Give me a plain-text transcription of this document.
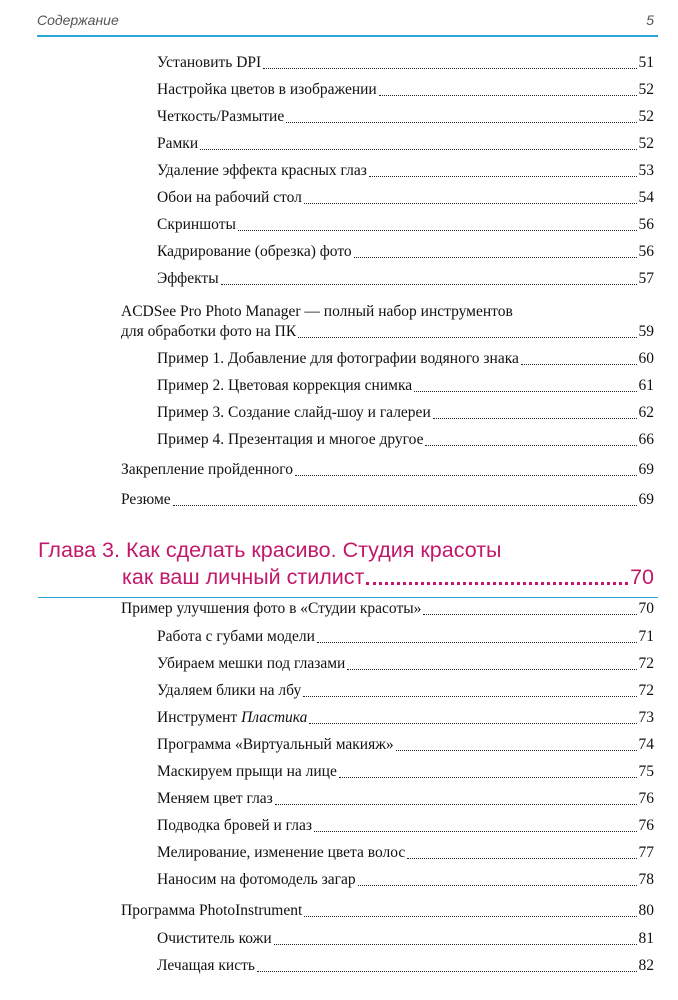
Содержание	5
Установить DPI	51
Настройка цветов в изображении	52
Четкость/Размытие	52
Рамки	52
Удаление эффекта красных глаз	53
Обои на рабочий стол	54
Скриншоты	56
Кадрирование (обрезка) фото	56
Эффекты	57
ACDSee Pro Photo Manager — полный набор инструментов
для обработки фото на ПК	59
Пример 1. Добавление для фотографии водяного знака	60
Пример 2. Цветовая коррекция снимка	61
Пример 3. Создание слайд-шоу и галереи	62
Пример 4. Презентация и многое другое	66
Закрепление пройденного	69
Резюме	69
Глава 3. Как сделать красиво. Студия красоты
как ваш личный стилист	70
Пример улучшения фото в «Студии красоты»	70
Работа с губами модели	71
Убираем мешки под глазами	72
Удаляем блики на лбу	72
Инструмент Пластика	73
Программа «Виртуальный макияж»	74
Маскируем прыщи на лице	75
Меняем цвет глаз	76
Подводка бровей и глаз	76
Мелирование, изменение цвета волос	77
Наносим на фотомодель загар	78
Программа PhotoInstrument	80
Очиститель кожи	81
Лечащая кисть	82
